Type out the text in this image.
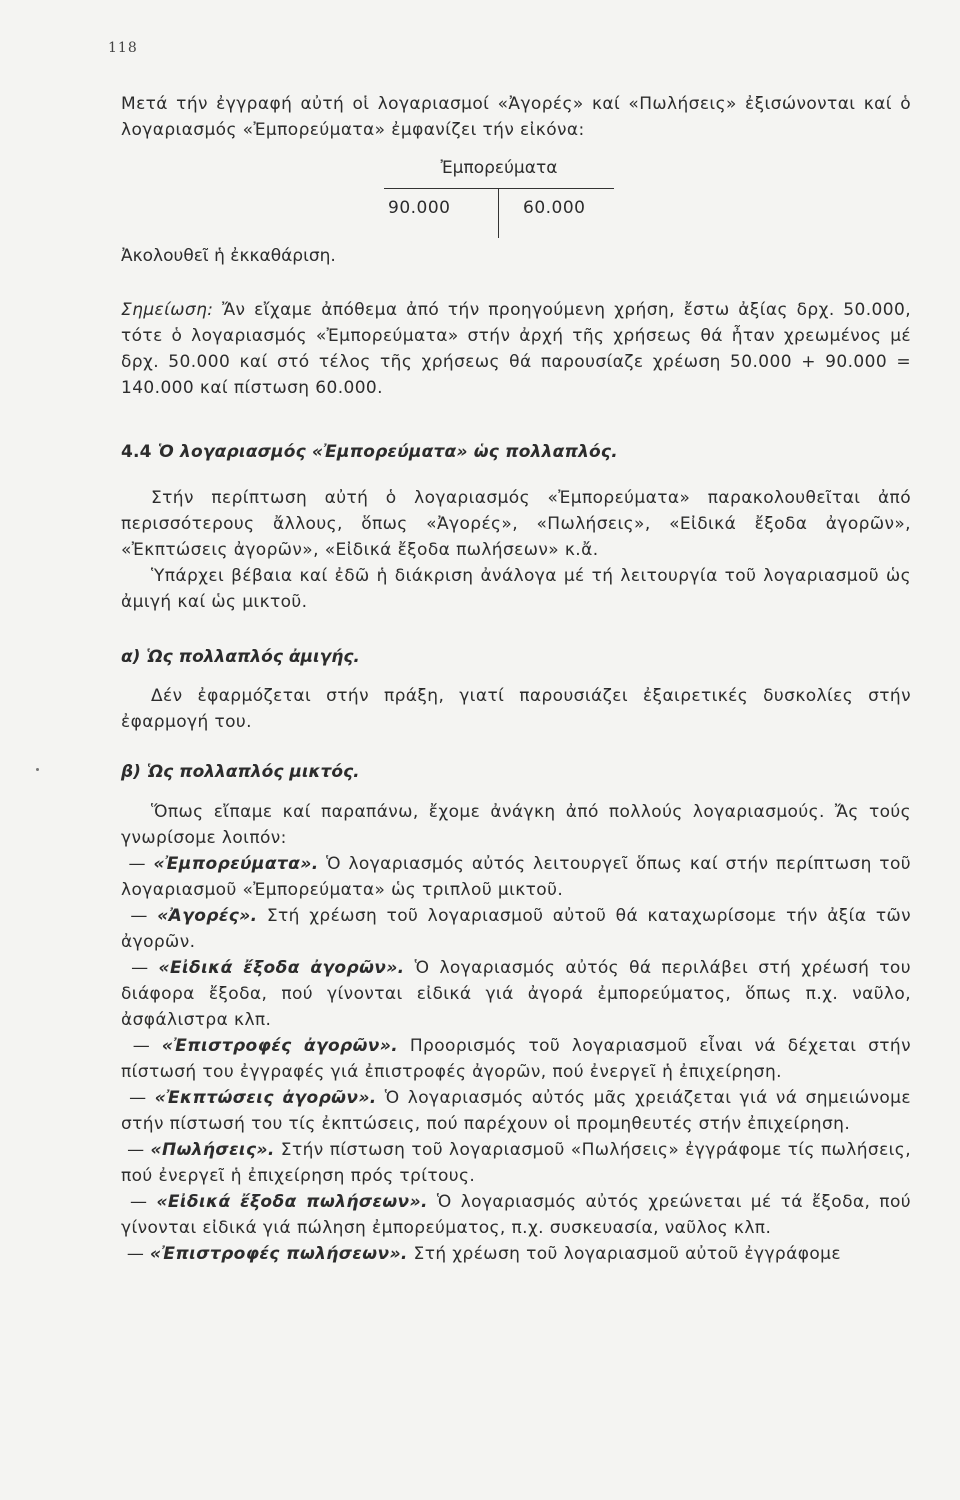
118
Μετά τήν ἐγγραφή αὐτή οἱ λογαριασμοί «Ἀγορές» καί «Πωλήσεις» ἐξισώνονται καί ὁ λογαριασμός «Ἐμπορεύματα» ἐμφανίζει τήν εἰκόνα:
Ἐμπορεύματα
90.000	60.000
Ἀκολουθεῖ ἡ ἐκκαθάριση.
Σημείωση: Ἄν εἴχαμε ἀπόθεμα ἀπό τήν προηγούμενη χρήση, ἔστω ἀξίας δρχ. 50.000, τότε ὁ λογαριασμός «Ἐμπορεύματα» στήν ἀρχή τῆς χρήσεως θά ἦταν χρεωμένος μέ δρχ. 50.000 καί στό τέλος τῆς χρήσεως θά παρουσίαζε χρέωση 50.000 + 90.000 = 140.000 καί πίστωση 60.000.
4.4 Ὁ λογαριασμός «Ἐμπορεύματα» ὡς πολλαπλός.
Στήν περίπτωση αὐτή ὁ λογαριασμός «Ἐμπορεύματα» παρακολουθεῖται ἀπό περισσότερους ἄλλους, ὅπως «Ἀγορές», «Πωλήσεις», «Εἰδικά ἔξοδα ἀγορῶν», «Ἐκπτώσεις ἀγορῶν», «Εἰδικά ἔξοδα πωλήσεων» κ.ἄ.
Ὑπάρχει βέβαια καί ἐδῶ ἡ διάκριση ἀνάλογα μέ τή λειτουργία τοῦ λογαριασμοῦ ὡς ἀμιγή καί ὡς μικτοῦ.
α) Ὡς πολλαπλός ἀμιγής.
Δέν ἐφαρμόζεται στήν πράξη, γιατί παρουσιάζει ἐξαιρετικές δυσκολίες στήν ἐφαρμογή του.
β) Ὡς πολλαπλός μικτός.
Ὅπως εἴπαμε καί παραπάνω, ἔχομε ἀνάγκη ἀπό πολλούς λογαριασμούς. Ἄς τούς γνωρίσομε λοιπόν:
— «Ἐμπορεύματα». Ὁ λογαριασμός αὐτός λειτουργεῖ ὅπως καί στήν περίπτωση τοῦ λογαριασμοῦ «Ἐμπορεύματα» ὡς τριπλοῦ μικτοῦ.
— «Ἀγορές». Στή χρέωση τοῦ λογαριασμοῦ αὐτοῦ θά καταχωρίσομε τήν ἀξία τῶν ἀγορῶν.
— «Εἰδικά ἔξοδα ἀγορῶν». Ὁ λογαριασμός αὐτός θά περιλάβει στή χρέωσή του διάφορα ἔξοδα, πού γίνονται εἰδικά γιά ἀγορά ἐμπορεύματος, ὅπως π.χ. ναῦλο, ἀσφάλιστρα κλπ.
— «Ἐπιστροφές ἀγορῶν». Προορισμός τοῦ λογαριασμοῦ εἶναι νά δέχεται στήν πίστωσή του ἐγγραφές γιά ἐπιστροφές ἀγορῶν, πού ἐνεργεῖ ἡ ἐπιχείρηση.
— «Ἐκπτώσεις ἀγορῶν». Ὁ λογαριασμός αὐτός μᾶς χρειάζεται γιά νά σημειώνομε στήν πίστωσή του τίς ἐκπτώσεις, πού παρέχουν οἱ προμηθευτές στήν ἐπιχείρηση.
— «Πωλήσεις». Στήν πίστωση τοῦ λογαριασμοῦ «Πωλήσεις» ἐγγράφομε τίς πωλήσεις, πού ἐνεργεῖ ἡ ἐπιχείρηση πρός τρίτους.
— «Εἰδικά ἔξοδα πωλήσεων». Ὁ λογαριασμός αὐτός χρεώνεται μέ τά ἔξοδα, πού γίνονται εἰδικά γιά πώληση ἐμπορεύματος, π.χ. συσκευασία, ναῦλος κλπ.
— «Ἐπιστροφές πωλήσεων». Στή χρέωση τοῦ λογαριασμοῦ αὐτοῦ ἐγγράφομε
